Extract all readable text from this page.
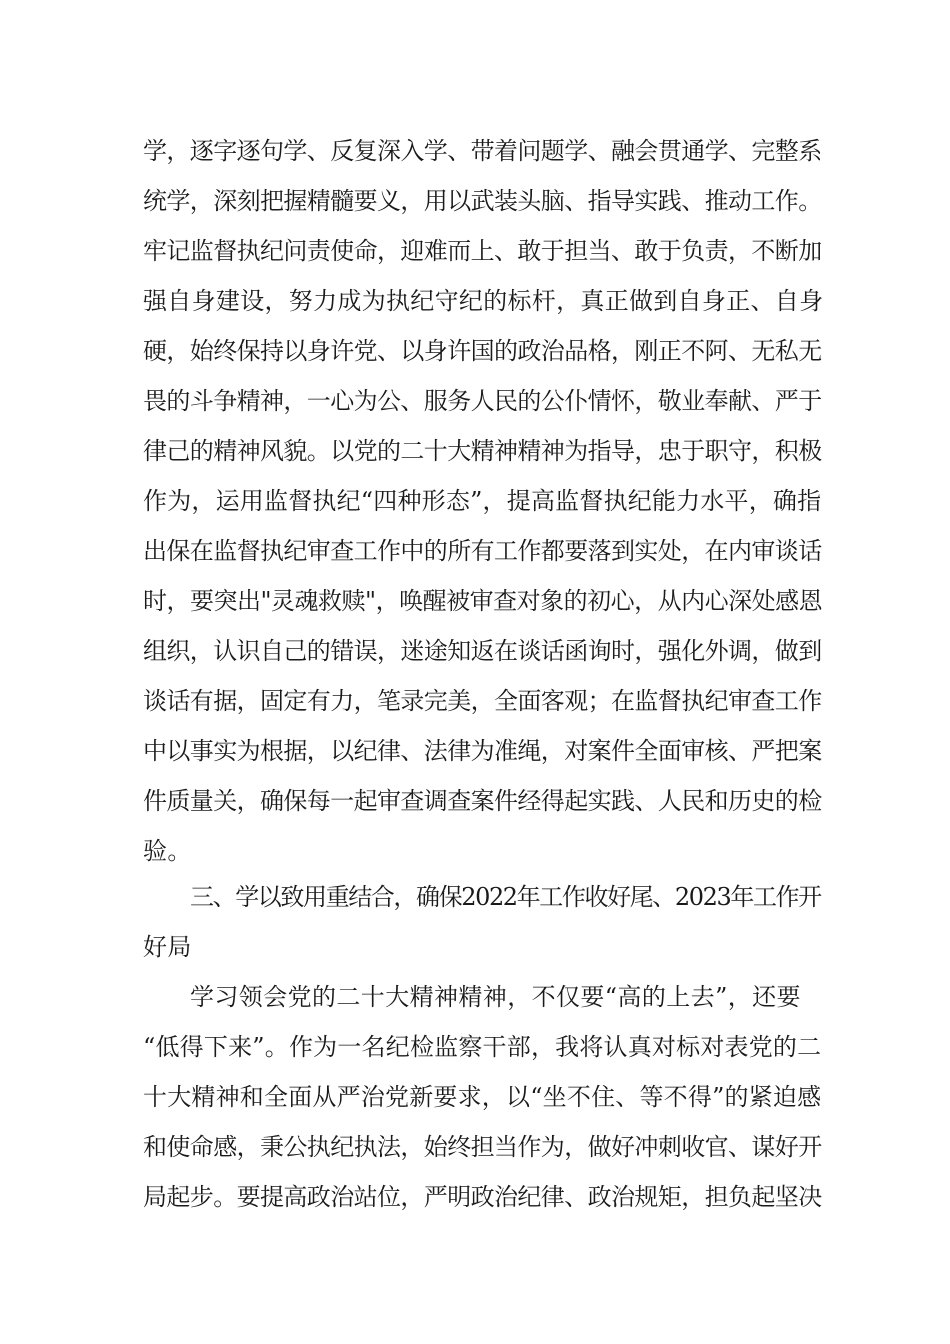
学，逐字逐句学、反复深入学、带着问题学、融会贯通学、完整系
统学，深刻把握精髓要义，用以武装头脑、指导实践、推动工作。
牢记监督执纪问责使命，迎难而上、敢于担当、敢于负责，不断加
强自身建设，努力成为执纪守纪的标杆，真正做到自身正、自身
硬，始终保持以身许党、以身许国的政治品格，刚正不阿、无私无
畏的斗争精神，一心为公、服务人民的公仆情怀，敬业奉献、严于
律己的精神风貌。以党的二十大精神精神为指导，忠于职守，积极
作为，运用监督执纪“四种形态”，提高监督执纪能力水平，确指
出保在监督执纪审查工作中的所有工作都要落到实处，在内审谈话
时，要突出"灵魂救赎"，唤醒被审查对象的初心，从内心深处感恩
组织，认识自己的错误，迷途知返在谈话函询时，强化外调，做到
谈话有据，固定有力，笔录完美，全面客观；在监督执纪审查工作
中以事实为根据，以纪律、法律为准绳，对案件全面审核、严把案
件质量关，确保每一起审查调查案件经得起实践、人民和历史的检
验。
三、学以致用重结合，确保2022年工作收好尾、2023年工作开
好局
学习领会党的二十大精神精神，不仅要“高的上去”，还要
“低得下来”。作为一名纪检监察干部，我将认真对标对表党的二
十大精神和全面从严治党新要求，以“坐不住、等不得”的紧迫感
和使命感，秉公执纪执法，始终担当作为，做好冲刺收官、谋好开
局起步。要提高政治站位，严明政治纪律、政治规矩，担负起坚决
